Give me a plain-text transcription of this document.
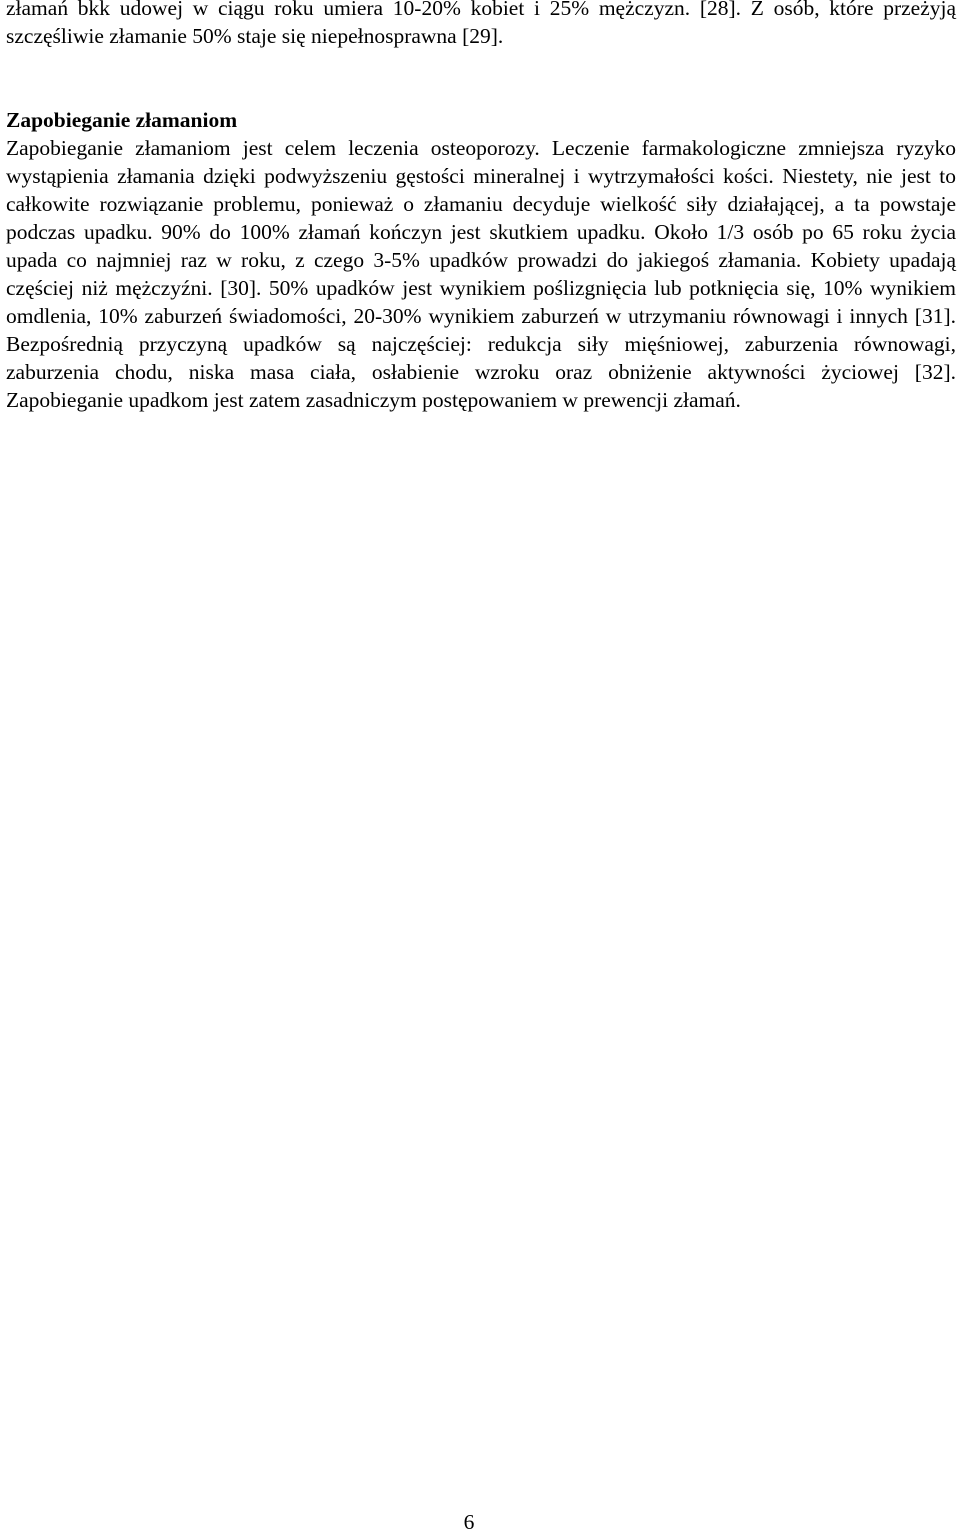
złamań bkk udowej w ciągu roku umiera 10-20% kobiet i 25% mężczyzn. [28]. Z osób, które przeżyją szczęśliwie złamanie 50% staje się niepełnosprawna [29].

Zapobieganie złamaniom

Zapobieganie złamaniom jest celem leczenia osteoporozy. Leczenie farmakologiczne zmniejsza ryzyko wystąpienia złamania dzięki podwyższeniu gęstości mineralnej i wytrzymałości kości. Niestety, nie jest to całkowite rozwiązanie problemu, ponieważ o złamaniu decyduje wielkość siły działającej, a ta powstaje podczas upadku. 90% do 100% złamań kończyn jest skutkiem upadku. Około 1/3 osób po 65 roku życia upada co najmniej raz w roku, z czego 3-5% upadków prowadzi do jakiegoś złamania. Kobiety upadają częściej niż mężczyźni. [30]. 50% upadków jest wynikiem poślizgnięcia lub potknięcia się, 10% wynikiem omdlenia, 10% zaburzeń świadomości, 20-30% wynikiem zaburzeń w utrzymaniu równowagi i innych [31]. Bezpośrednią przyczyną upadków są najczęściej: redukcja siły mięśniowej, zaburzenia równowagi, zaburzenia chodu, niska masa ciała, osłabienie wzroku oraz obniżenie aktywności życiowej [32]. Zapobieganie upadkom jest zatem zasadniczym postępowaniem w prewencji złamań.

6
